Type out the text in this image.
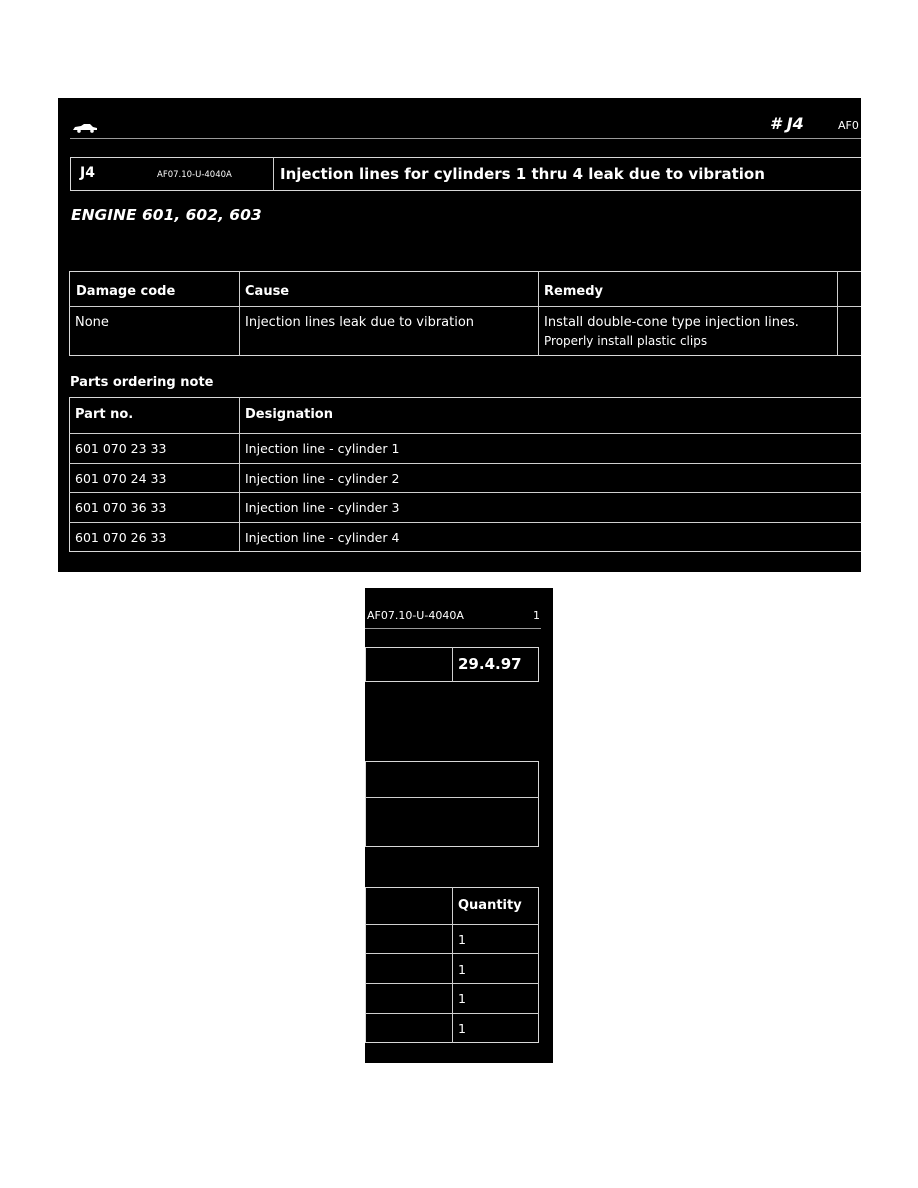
# J4	AF0
J4	AF07.10-U-4040A	Injection lines for cylinders 1 thru 4 leak due to vibration
ENGINE 601, 602, 603
Damage code	Cause	Remedy
None	Injection lines leak due to vibration	Install double-cone type injection lines.
Properly install plastic clips
Parts ordering note
Part no.	Designation
601 070 23 33	Injection line - cylinder 1
601 070 24 33	Injection line - cylinder 2
601 070 36 33	Injection line - cylinder 3
601 070 26 33	Injection line - cylinder 4
AF07.10-U-4040A	1
29.4.97
Quantity
1
1
1
1
